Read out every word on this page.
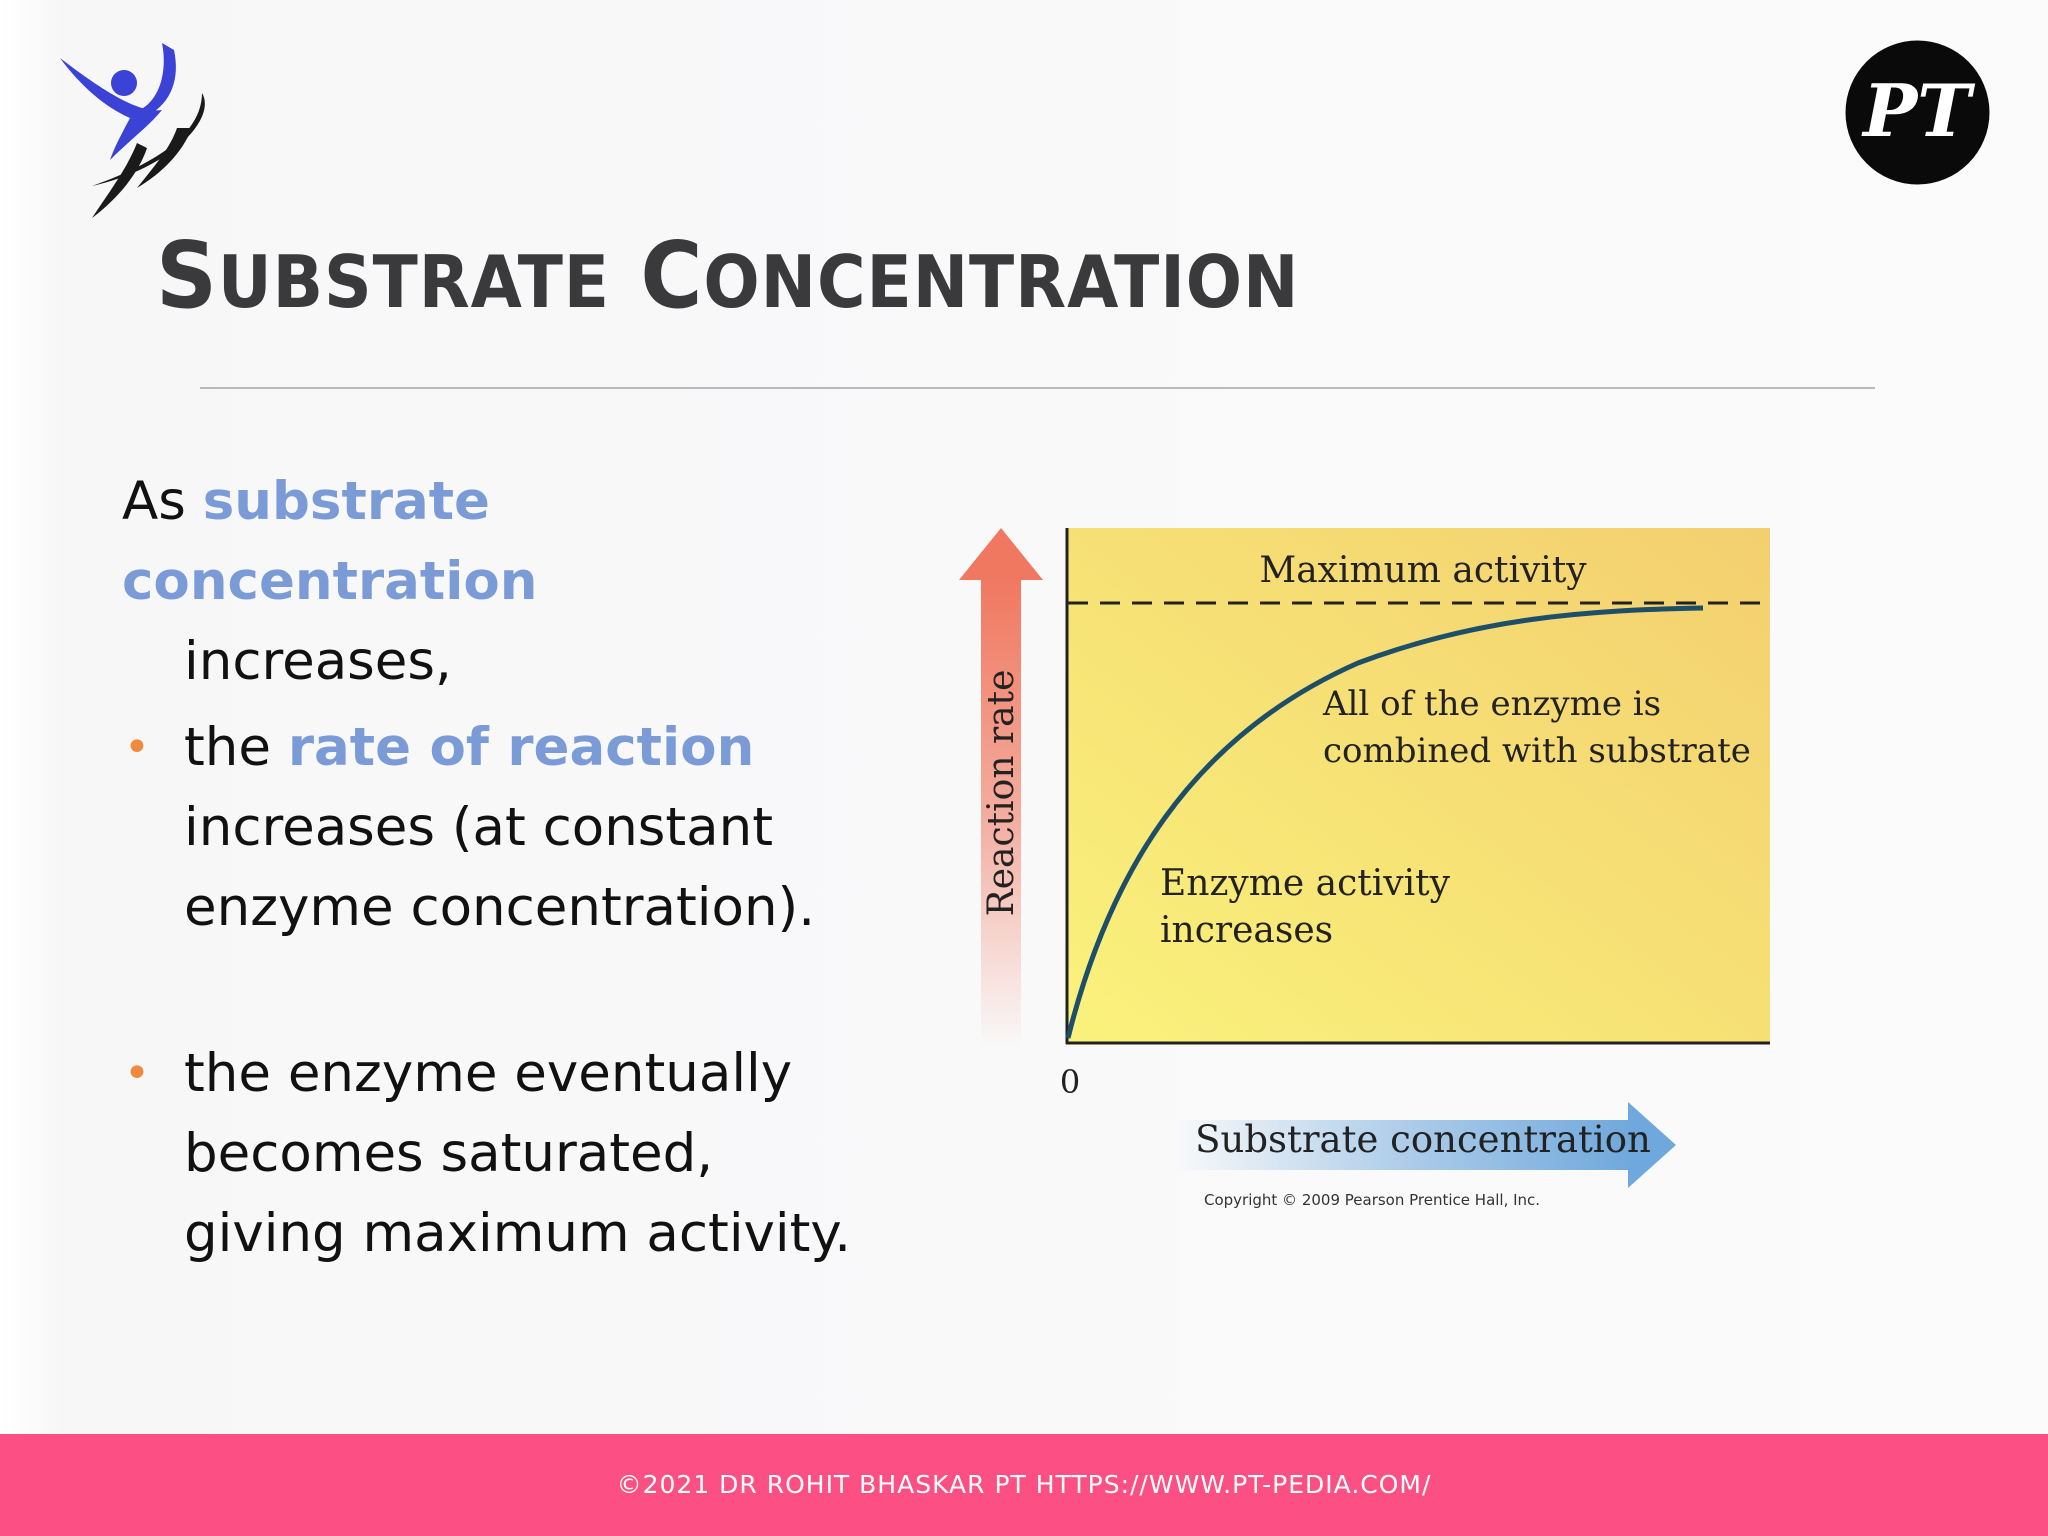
PT
SUBSTRATE CONCENTRATION
As substrate
concentration
increases,
• the rate of reaction
increases (at constant
enzyme concentration).
• the enzyme eventually
becomes saturated,
giving maximum activity.
Reaction rate
Substrate concentration
0
Maximum activity
All of the enzyme is
combined with substrate
Enzyme activity
increases
Copyright © 2009 Pearson Prentice Hall, Inc.
©2021 DR ROHIT BHASKAR PT HTTPS://WWW.PT-PEDIA.COM/
